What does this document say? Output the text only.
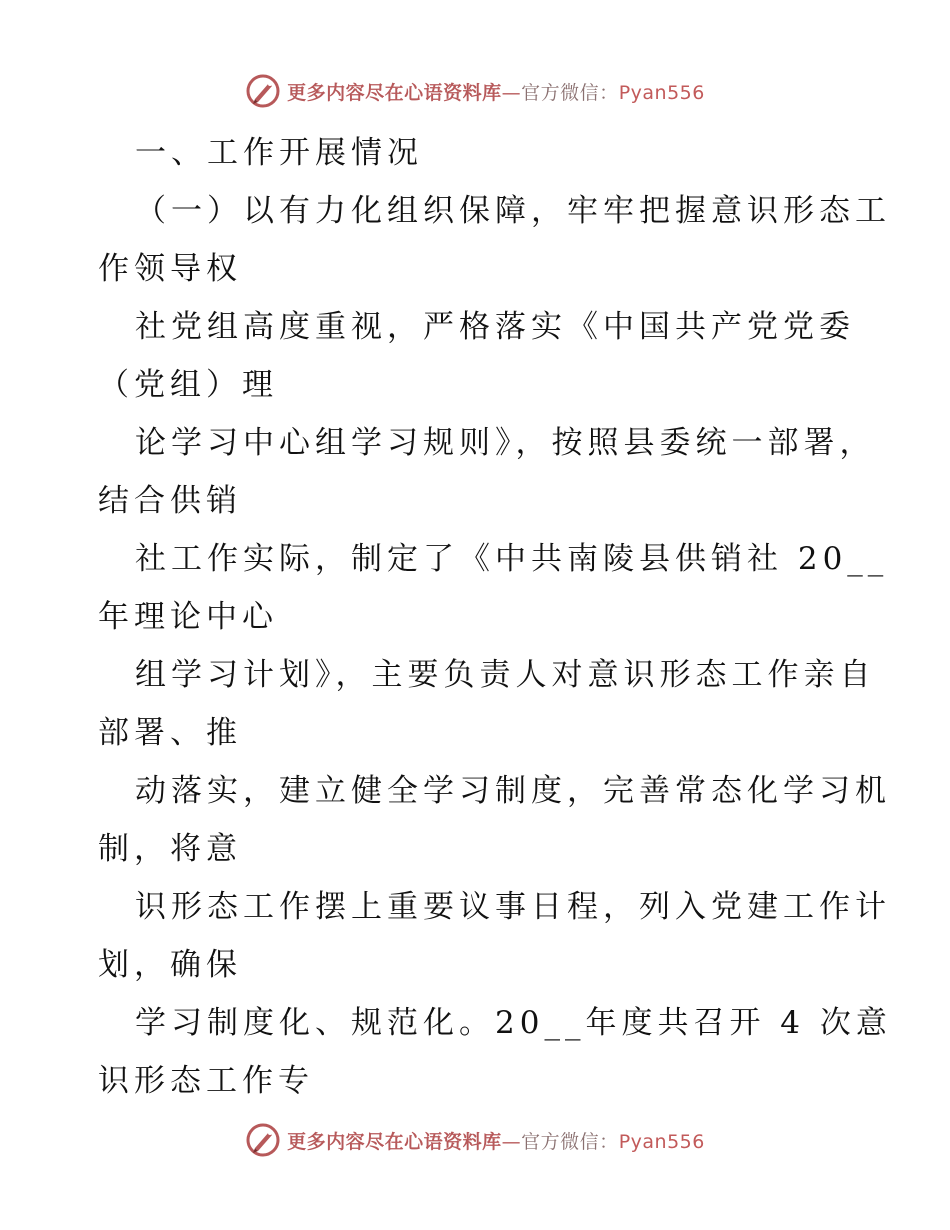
更多内容尽在心语资料库—官方微信：Pyan556
一、工作开展情况
（一）以有力化组织保障，牢牢把握意识形态工
作领导权
社党组高度重视，严格落实《中国共产党党委
（党组）理
论学习中心组学习规则》，按照县委统一部署，
结合供销
社工作实际，制定了《中共南陵县供销社 20__
年理论中心
组学习计划》，主要负责人对意识形态工作亲自
部署、推
动落实，建立健全学习制度，完善常态化学习机
制，将意
识形态工作摆上重要议事日程，列入党建工作计
划，确保
学习制度化、规范化。20__年度共召开 4 次意
识形态工作专
更多内容尽在心语资料库—官方微信：Pyan556
